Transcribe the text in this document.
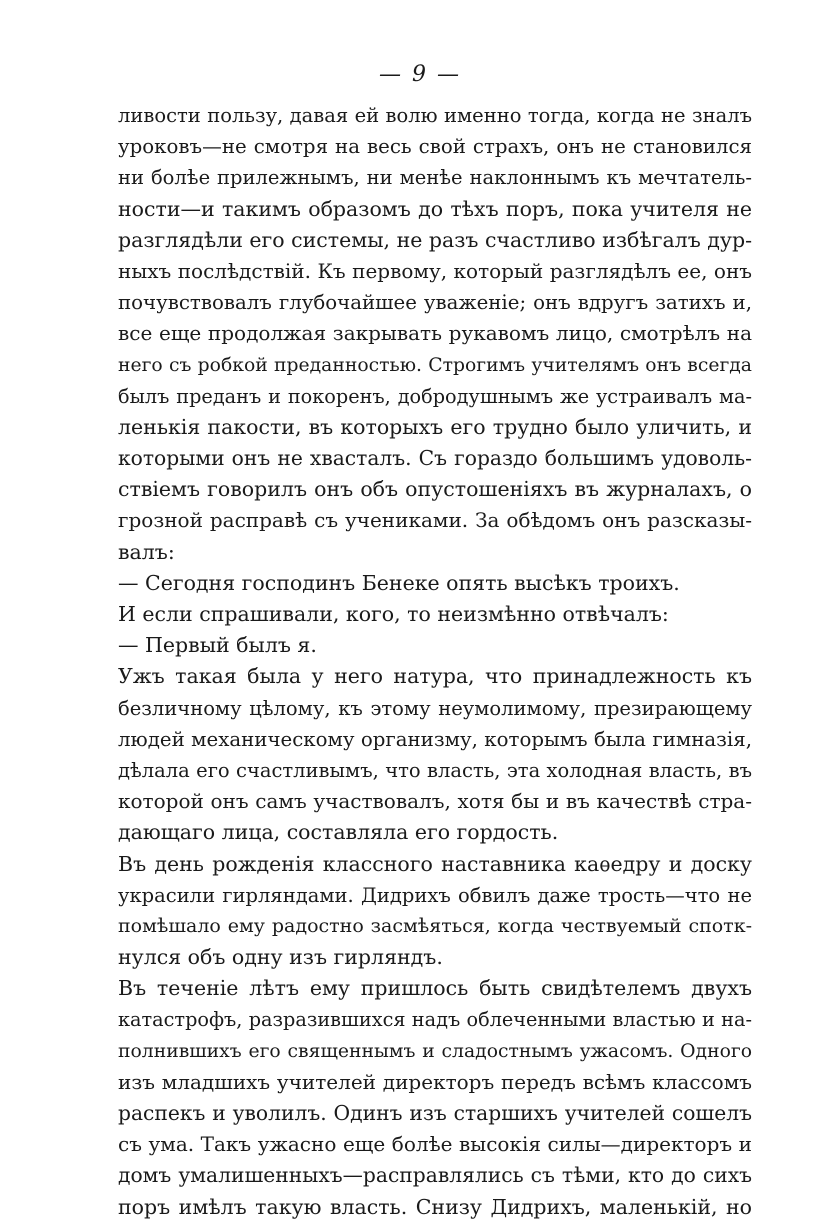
— 9 —
ливости пользу, давая ей волю именно тогда, когда не зналъ
уроковъ—не смотря на весь свой страхъ, онъ не становился
ни болѣе прилежнымъ, ни менѣе наклоннымъ къ мечтатель-
ности—и такимъ образомъ до тѣхъ поръ, пока учителя не
разглядѣли его системы, не разъ счастливо избѣгалъ дур-
ныхъ послѣдствій. Къ первому, который разглядѣлъ ее, онъ
почувствовалъ глубочайшее уваженіе; онъ вдругъ затихъ и,
все еще продолжая закрывать рукавомъ лицо, смотрѣлъ на
него съ робкой преданностью. Строгимъ учителямъ онъ всегда
былъ преданъ и покоренъ, добродушнымъ же устраивалъ ма-
ленькія пакости, въ которыхъ его трудно было уличить, и
которыми онъ не хвасталъ. Съ гораздо большимъ удоволь-
ствіемъ говорилъ онъ объ опустошеніяхъ въ журналахъ, о
грозной расправѣ съ учениками. За обѣдомъ онъ разсказы-
валъ:
— Сегодня господинъ Бенеке опять высѣкъ троихъ.
И если спрашивали, кого, то неизмѣнно отвѣчалъ:
— Первый былъ я.
Ужъ такая была у него натура, что принадлежность къ
безличному цѣлому, къ этому неумолимому, презирающему
людей механическому организму, которымъ была гимназія,
дѣлала его счастливымъ, что власть, эта холодная власть, въ
которой онъ самъ участвовалъ, хотя бы и въ качествѣ стра-
дающаго лица, составляла его гордость.
Въ день рожденія классного наставника каѳедру и доску
украсили гирляндами. Дидрихъ обвилъ даже трость—что не
помѣшало ему радостно засмѣяться, когда чествуемый спотк-
нулся объ одну изъ гирляндъ.
Въ теченіе лѣтъ ему пришлось быть свидѣтелемъ двухъ
катастрофъ, разразившихся надъ облеченными властью и на-
полнившихъ его священнымъ и сладостнымъ ужасомъ. Одного
изъ младшихъ учителей директоръ передъ всѣмъ классомъ
распекъ и уволилъ. Одинъ изъ старшихъ учителей сошелъ
съ ума. Такъ ужасно еще болѣе высокія силы—директоръ и
домъ умалишенныхъ—расправлялись съ тѣми, кто до сихъ
поръ имѣлъ такую власть. Снизу Дидрихъ, маленькій, но
